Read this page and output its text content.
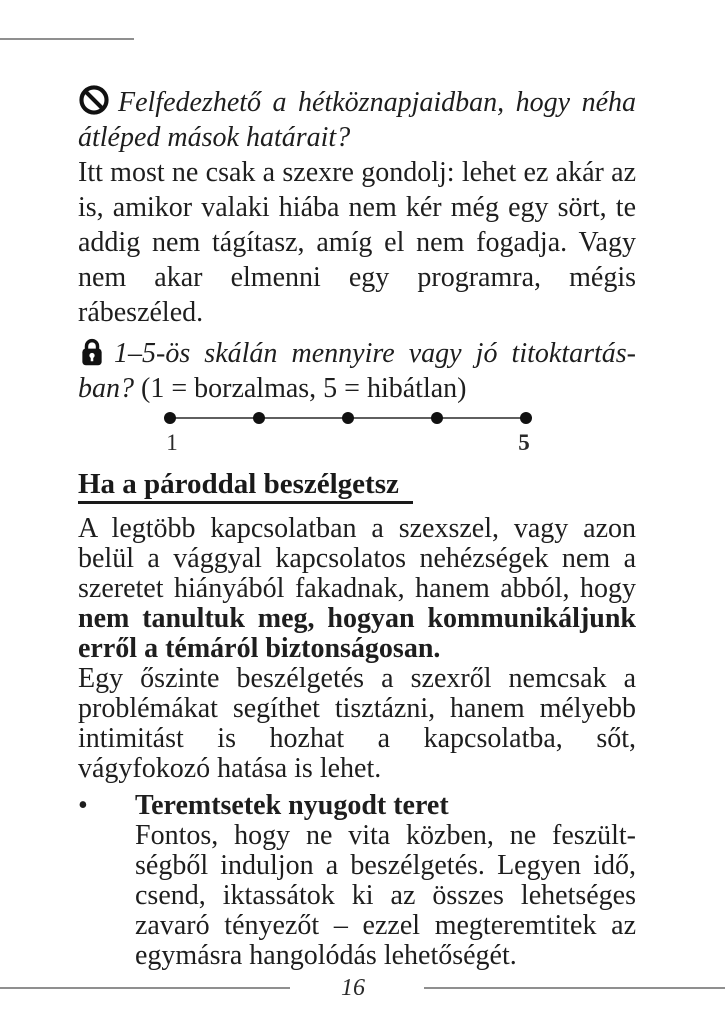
Felfedezhető a hétköznapjaidban, hogy néha átléped mások határait?

Itt most ne csak a szexre gondolj: lehet ez akár az is, amikor valaki hiába nem kér még egy sört, te addig nem tágítasz, amíg el nem fogadja. Vagy nem akar elmenni egy programra, mégis rábeszéled.

1–5-ös skálán mennyire vagy jó titoktartásban? (1 = borzalmas, 5 = hibátlan)

1	5
Ha a pároddal beszélgetsz

A legtöbb kapcsolatban a szexszel, vagy azon belül a vággyal kapcsolatos nehézségek nem a szeretet hiányából fakadnak, hanem abból, hogy nem tanultuk meg, hogyan kommunikáljunk erről a témáról biztonságosan.

Egy őszinte beszélgetés a szexről nemcsak a problémákat segíthet tisztázni, hanem mélyebb intimitást is hozhat a kapcsolatba, sőt, vágyfokozó hatása is lehet.

•	Teremtsetek nyugodt teret

Fontos, hogy ne vita közben, ne feszültségből induljon a beszélgetés. Legyen idő, csend, iktassátok ki az összes lehetséges zavaró tényezőt – ezzel megteremtitek az egymásra hangolódás lehetőségét.

16
